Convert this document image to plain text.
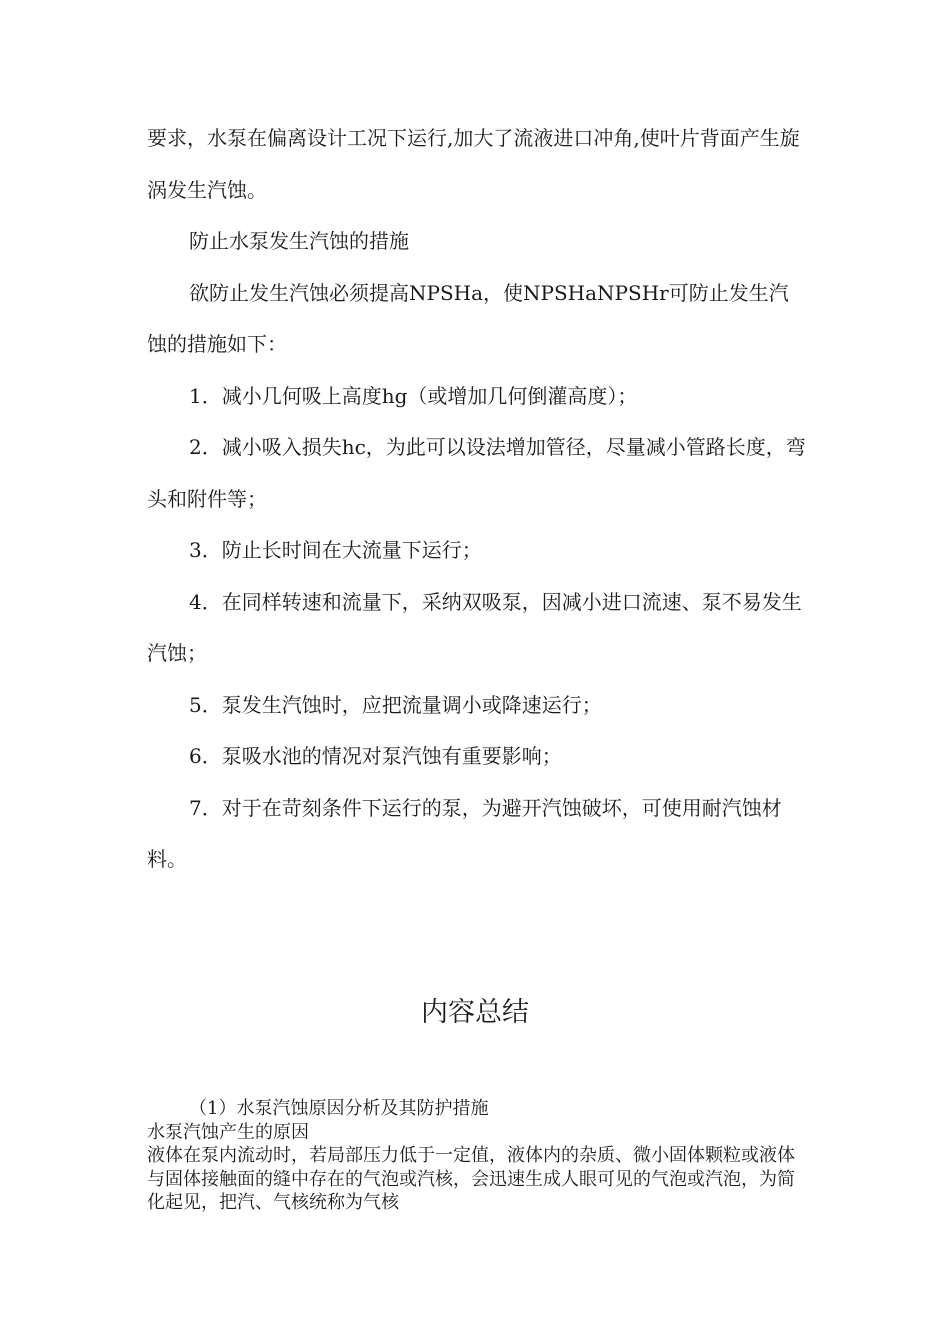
要求，水泵在偏离设计工况下运行,加大了流液进口冲角,使叶片背面产生旋涡发生汽蚀。

防止水泵发生汽蚀的措施

欲防止发生汽蚀必须提高NPSHa，使NPSHaNPSHr可防止发生汽蚀的措施如下：

1．减小几何吸上高度hg（或增加几何倒灌高度）；

2．减小吸入损失hc，为此可以设法增加管径，尽量减小管路长度，弯头和附件等；

3．防止长时间在大流量下运行；

4．在同样转速和流量下，采纳双吸泵，因减小进口流速、泵不易发生汽蚀；

5．泵发生汽蚀时，应把流量调小或降速运行；

6．泵吸水池的情况对泵汽蚀有重要影响；

7．对于在苛刻条件下运行的泵，为避开汽蚀破坏，可使用耐汽蚀材料。

内容总结

（1）水泵汽蚀原因分析及其防护措施

水泵汽蚀产生的原因

液体在泵内流动时，若局部压力低于一定值，液体内的杂质、微小固体颗粒或液体与固体接触面的缝中存在的气泡或汽核，会迅速生成人眼可见的气泡或汽泡，为简化起见，把汽、气核统称为气核
